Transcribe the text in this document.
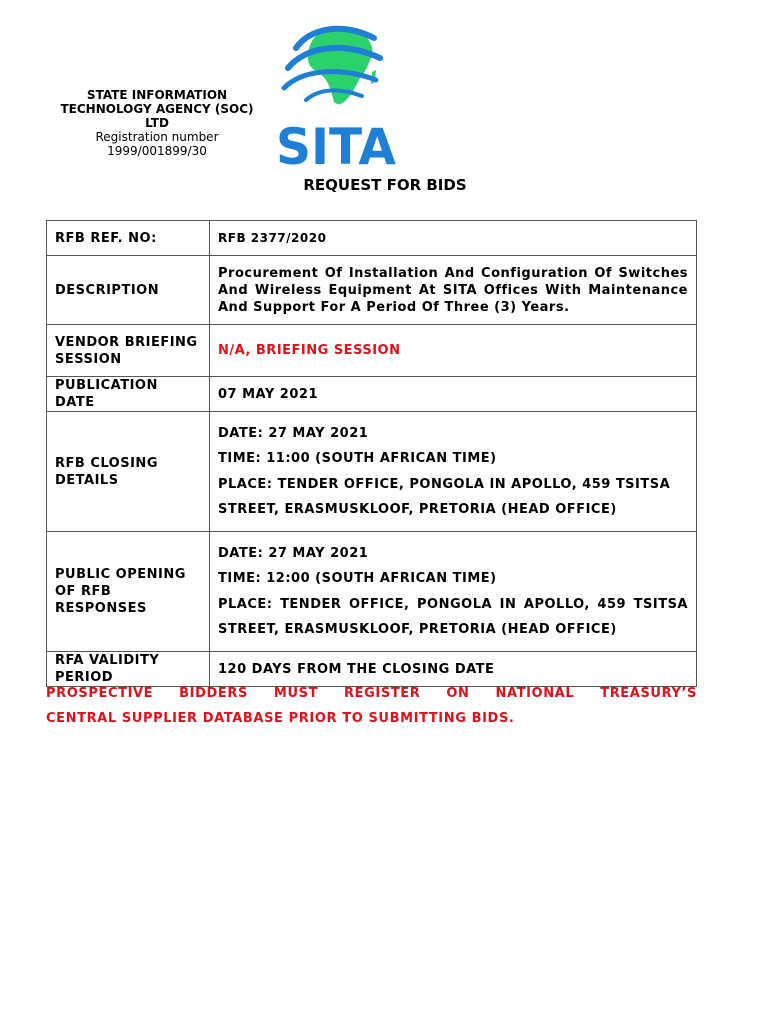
STATE INFORMATION
TECHNOLOGY AGENCY (SOC)
LTD
Registration number
1999/001899/30	SITA
REQUEST FOR BIDS
RFB REF. NO:	RFB 2377/2020
DESCRIPTION	Procurement Of Installation And Configuration Of Switches And Wireless Equipment At SITA Offices With Maintenance And Support For A Period Of Three (3) Years.
VENDOR BRIEFING SESSION	N/A, BRIEFING SESSION
PUBLICATION DATE	07 MAY 2021
RFB CLOSING DETAILS	DATE: 27 MAY 2021
TIME: 11:00 (SOUTH AFRICAN TIME)
PLACE: TENDER OFFICE, PONGOLA IN APOLLO, 459 TSITSA STREET, ERASMUSKLOOF, PRETORIA (HEAD OFFICE)

PUBLIC OPENING OF RFB RESPONSES	DATE: 27 MAY 2021
TIME: 12:00 (SOUTH AFRICAN TIME)
PLACE: TENDER OFFICE, PONGOLA IN APOLLO, 459 TSITSA STREET, ERASMUSKLOOF, PRETORIA (HEAD OFFICE)

RFA VALIDITY PERIOD	120 DAYS FROM THE CLOSING DATE
PROSPECTIVE BIDDERS MUST REGISTER ON NATIONAL TREASURY’S
CENTRAL SUPPLIER DATABASE PRIOR TO SUBMITTING BIDS.
